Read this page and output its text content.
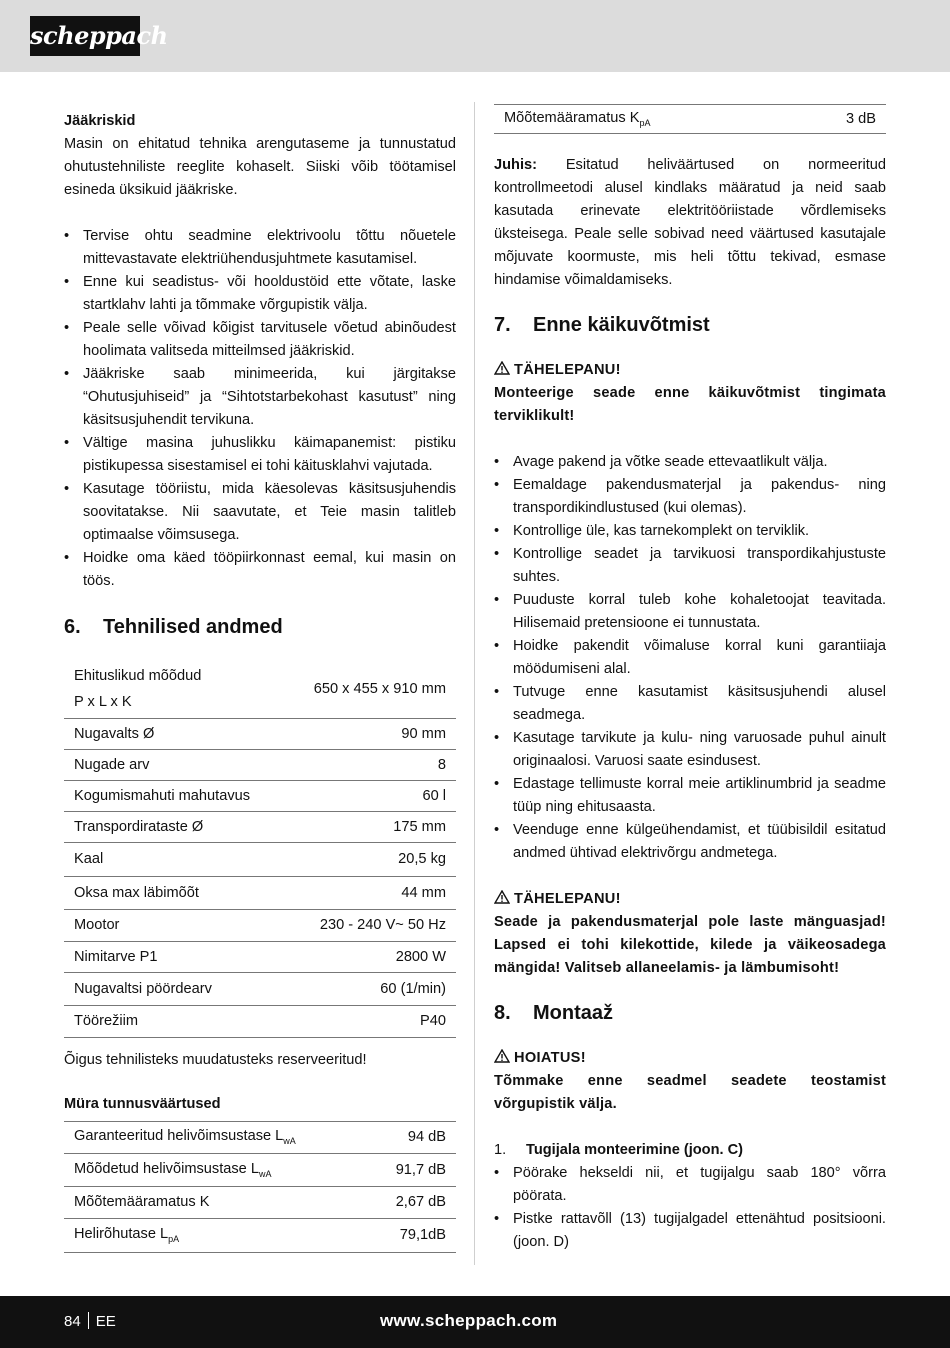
scheppach
Jääkriskid

Masin on ehitatud tehnika arengutaseme ja tunnustatud ohutustehniliste reeglite kohaselt. Siiski võib töötamisel esineda üksikuid jääkriske.

• Tervise ohtu seadmine elektrivoolu tõttu nõuetele mittevastavate elektriühendusjuhtmete kasutamisel.
• Enne kui seadistus- või hooldustöid ette võtate, laske startklahv lahti ja tõmmake võrgupistik välja.
• Peale selle võivad kõigist tarvitusele võetud abinõudest hoolimata valitseda mitteilmsed jääkriskid.
• Jääkriske saab minimeerida, kui järgitakse “Ohutusjuhiseid” ja “Sihtotstarbekohast kasutust” ning käsitsusjuhendit tervikuna.
• Vältige masina juhuslikku käimapanemist: pistiku pistikupessa sisestamisel ei tohi käitusklahvi vajutada.
• Kasutage tööriistu, mida käesolevas käsitsusjuhendis soovitatakse. Nii saavutate, et Teie masin talitleb optimaalse võimsusega.
• Hoidke oma käed tööpiirkonnast eemal, kui masin on töös.
6. Tehnilised andmed
Ehituslikud mõõdud
P x L x K	650 x 455 x 910 mm
Nugavalts Ø	90 mm
Nugade arv	8
Kogumismahuti mahutavus	60 l
Transpordirataste Ø	175 mm
Kaal	20,5 kg
Oksa max läbimõõt	44 mm
Mootor	230 - 240 V~ 50 Hz
Nimitarve P1	2800 W
Nugavaltsi pöördearv	60 (1/min)
Töörežiim	P40

Õigus tehnilisteks muudatusteks reserveeritud!

Müra tunnusväärtused
Garanteeritud helivõimsustase $L_{wA}$	94 dB
Mõõdetud helivõimsustase $L_{wA}$	91,7 dB
Mõõtemääramatus K	2,67 dB
Helirõhutase $L_{pA}$	79,1dB
Mõõtemääramatus $K_{pA}$	3 dB

Juhis: Esitatud heliväärtused on normeeritud kontrollmeetodi alusel kindlaks määratud ja neid saab kasutada erinevate elektritööriistade võrdlemiseks üksteisega. Peale selle sobivad need väärtused kasutajale mõjuvate koormuste, mis heli tõttu tekivad, esmase hindamise võimaldamiseks.

7. Enne käikuvõtmist
TÄHELEPANU!

Monteerige seade enne käikuvõtmist tingimata terviklikult!

• Avage pakend ja võtke seade ettevaatlikult välja.
• Eemaldage pakendusmaterjal ja pakendus- ning transpordikindlustused (kui olemas).
• Kontrollige üle, kas tarnekomplekt on terviklik.
• Kontrollige seadet ja tarvikuosi transpordikahjustuste suhtes.
• Puuduste korral tuleb kohe kohaletoojat teavitada. Hilisemaid pretensioone ei tunnustata.
• Hoidke pakendit võimaluse korral kuni garantiiaja möödumiseni alal.
• Tutvuge enne kasutamist käsitsusjuhendi alusel seadmega.
• Kasutage tarvikute ja kulu- ning varuosade puhul ainult originaalosi. Varuosi saate esindusest.
• Edastage tellimuste korral meie artiklinumbrid ja seadme tüüp ning ehitusaasta.
• Veenduge enne külgeühendamist, et tüübisildil esitatud andmed ühtivad elektrivõrgu andmetega.
TÄHELEPANU!

Seade ja pakendusmaterjal pole laste mänguasjad! Lapsed ei tohi kilekottide, kilede ja väikeosadega mängida! Valitseb allaneelamis- ja lämbumisoht!

8. Montaaž
HOIATUS!

Tõmmake enne seadmel seadete teostamist võrgupistik välja.

1. Tugijala monteerimine (joon. C)
• Pöörake hekseldi nii, et tugijalgu saab 180° võrra pöörata.
• Pistke rattavõll (13) tugijalgadel ettenähtud positsiooni. (joon. D)
84 EE	www.scheppach.com
